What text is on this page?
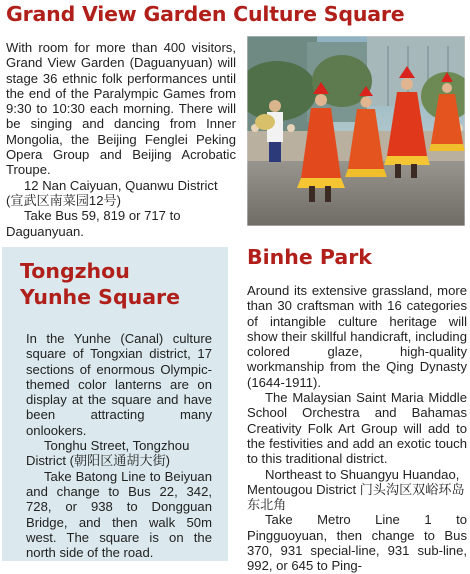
Grand View Garden Culture Square

With room for more than 400 visitors, Grand View Garden (Daguanyuan) will stage 36 ethnic folk performances until the end of the Paralympic Games from 9:30 to 10:30 each morning. There will be singing and dancing from Inner Mongolia, the Beijing Fenglei Peking Opera Group and Beijing Acrobatic Troupe.

12 Nan Caiyuan, Quanwu District (宣武区南菜园12号)

Take Bus 59, 819 or 717 to Daguanyuan.

Tongzhou
Yunhe Square

In the Yunhe (Canal) culture square of Tongxian district, 17 sections of enormous Olympic-themed color lanterns are on display at the square and have been attracting many onlookers.

Tonghu Street, Tongzhou District (朝阳区通胡大街)

Take Batong Line to Beiyuan and change to Bus 22, 342, 728, or 938 to Dongguan Bridge, and then walk 50m west. The square is on the north side of the road.

Binhe Park

Around its extensive grassland, more than 30 craftsman with 16 categories of intangible culture heritage will show their skillful handicraft, including colored glaze, high-quality workmanship from the Qing Dynasty (1644-1911).

The Malaysian Saint Maria Middle School Orchestra and Bahamas Creativity Folk Art Group will add to the festivities and add an exotic touch to this traditional district.

Northeast to Shuangyu Huandao, Mentougou District 门头沟区双峪环岛东北角

Take Metro Line 1 to Pingguoyuan, then change to Bus 370, 931 special-line, 931 sub-line, 992, or 645 to Ping-
